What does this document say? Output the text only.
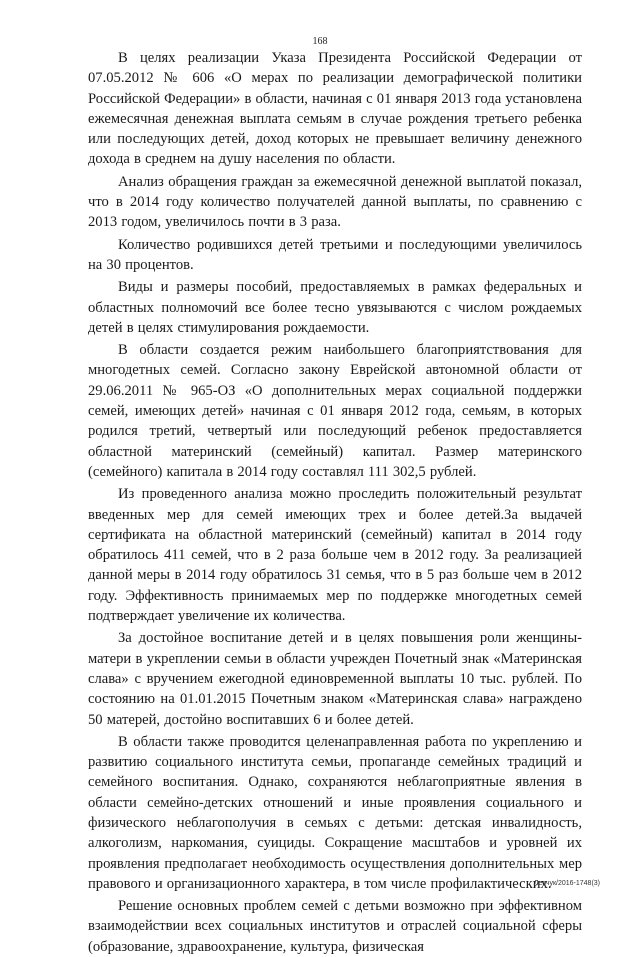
168

В целях реализации Указа Президента Российской Федерации от 07.05.2012 № 606 «О мерах по реализации демографической политики Российской Федерации» в области, начиная с 01 января 2013 года установлена ежемесячная денежная выплата семьям в случае рождения третьего ребенка или последующих детей, доход которых не превышает величину денежного дохода в среднем на душу населения по области.

Анализ обращения граждан за ежемесячной денежной выплатой показал, что в 2014 году количество получателей данной выплаты, по сравнению с 2013 годом, увеличилось почти в 3 раза.

Количество родившихся детей третьими и последующими увеличилось на 30 процентов.

Виды и размеры пособий, предоставляемых в рамках федеральных и областных полномочий все более тесно увязываются с числом рождаемых детей в целях стимулирования рождаемости.

В области создается режим наибольшего благоприятствования для многодетных семей. Согласно закону Еврейской автономной области от 29.06.2011 № 965-ОЗ «О дополнительных мерах социальной поддержки семей, имеющих детей» начиная с 01 января 2012 года, семьям, в которых родился третий, четвертый или последующий ребенок предоставляется областной материнский (семейный) капитал. Размер материнского (семейного) капитала в 2014 году составлял 111 302,5 рублей.

Из проведенного анализа можно проследить положительный результат введенных мер для семей имеющих трех и более детей.За выдачей сертификата на областной материнский (семейный) капитал в 2014 году обратилось 411 семей, что в 2 раза больше чем в 2012 году. За реализацией данной меры в 2014 году обратилось 31 семья, что в 5 раз больше чем в 2012 году. Эффективность принимаемых мер по поддержке многодетных семей подтверждает увеличение их количества.

За достойное воспитание детей и в целях повышения роли женщины-матери в укреплении семьи в области учрежден Почетный знак «Материнская слава» с вручением ежегодной единовременной выплаты 10 тыс. рублей. По состоянию на 01.01.2015 Почетным знаком «Материнская слава» награждено 50 матерей, достойно воспитавших 6 и более детей.

В области также проводится целенаправленная работа по укреплению и развитию социального института семьи, пропаганде семейных традиций и семейного воспитания. Однако, сохраняются неблагоприятные явления в области семейно-детских отношений и иные проявления социального и физического неблагополучия в семьях с детьми: детская инвалидность, алкоголизм, наркомания, суициды. Сокращение масштабов и уровней их проявления предполагает необходимость осуществления дополнительных мер правового и организационного характера, в том числе профилактических.

Решение основных проблем семей с детьми возможно при эффективном взаимодействии всех социальных институтов и отраслей социальной сферы (образование, здравоохранение, культура, физическая

Левчук/2016-1748(3)
